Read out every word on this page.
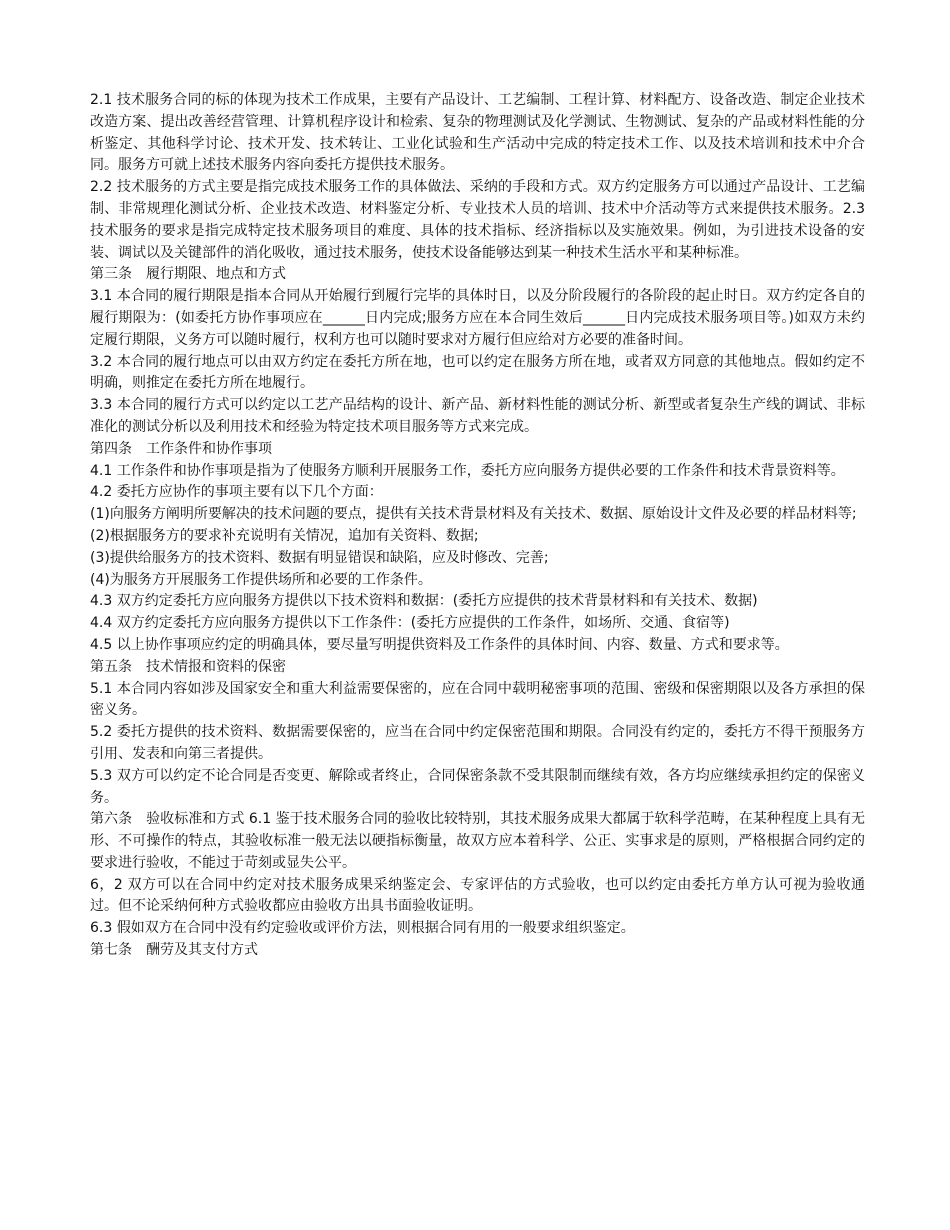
2.1 技术服务合同的标的体现为技术工作成果，主要有产品设计、工艺编制、工程计算、材料配方、设备改造、制定企业技术改造方案、提出改善经营管理、计算机程序设计和检索、复杂的物理测试及化学测试、生物测试、复杂的产品或材料性能的分析鉴定、其他科学讨论、技术开发、技术转让、工业化试验和生产活动中完成的特定技术工作、以及技术培训和技术中介合同。服务方可就上述技术服务内容向委托方提供技术服务。

2.2 技术服务的方式主要是指完成技术服务工作的具体做法、采纳的手段和方式。双方约定服务方可以通过产品设计、工艺编制、非常规理化测试分析、企业技术改造、材料鉴定分析、专业技术人员的培训、技术中介活动等方式来提供技术服务。2.3 技术服务的要求是指完成特定技术服务项目的难度、具体的技术指标、经济指标以及实施效果。例如，为引进技术设备的安装、调试以及关键部件的消化吸收，通过技术服务，使技术设备能够达到某一种技术生活水平和某种标准。

第三条　履行期限、地点和方式

3.1 本合同的履行期限是指本合同从开始履行到履行完毕的具体时日，以及分阶段履行的各阶段的起止时日。双方约定各自的履行期限为：(如委托方协作事项应在______日内完成;服务方应在本合同生效后______日内完成技术服务项目等。)如双方未约定履行期限，义务方可以随时履行，权利方也可以随时要求对方履行但应给对方必要的准备时间。

3.2 本合同的履行地点可以由双方约定在委托方所在地，也可以约定在服务方所在地，或者双方同意的其他地点。假如约定不明确，则推定在委托方所在地履行。

3.3 本合同的履行方式可以约定以工艺产品结构的设计、新产品、新材料性能的测试分析、新型或者复杂生产线的调试、非标准化的测试分析以及利用技术和经验为特定技术项目服务等方式来完成。

第四条　工作条件和协作事项

4.1 工作条件和协作事项是指为了使服务方顺利开展服务工作，委托方应向服务方提供必要的工作条件和技术背景资料等。

4.2 委托方应协作的事项主要有以下几个方面：

(1)向服务方阐明所要解决的技术问题的要点，提供有关技术背景材料及有关技术、数据、原始设计文件及必要的样品材料等;

(2)根据服务方的要求补充说明有关情况，追加有关资料、数据;

(3)提供给服务方的技术资料、数据有明显错误和缺陷，应及时修改、完善;

(4)为服务方开展服务工作提供场所和必要的工作条件。

4.3 双方约定委托方应向服务方提供以下技术资料和数据：(委托方应提供的技术背景材料和有关技术、数据)

4.4 双方约定委托方应向服务方提供以下工作条件：(委托方应提供的工作条件，如场所、交通、食宿等)

4.5 以上协作事项应约定的明确具体，要尽量写明提供资料及工作条件的具体时间、内容、数量、方式和要求等。

第五条　技术情报和资料的保密

5.1 本合同内容如涉及国家安全和重大利益需要保密的，应在合同中载明秘密事项的范围、密级和保密期限以及各方承担的保密义务。

5.2 委托方提供的技术资料、数据需要保密的，应当在合同中约定保密范围和期限。合同没有约定的，委托方不得干预服务方引用、发表和向第三者提供。

5.3 双方可以约定不论合同是否变更、解除或者终止，合同保密条款不受其限制而继续有效，各方均应继续承担约定的保密义务。

第六条　验收标准和方式 6.1 鉴于技术服务合同的验收比较特别，其技术服务成果大都属于软科学范畴，在某种程度上具有无形、不可操作的特点，其验收标准一般无法以硬指标衡量，故双方应本着科学、公正、实事求是的原则，严格根据合同约定的要求进行验收，不能过于苛刻或显失公平。

6，2 双方可以在合同中约定对技术服务成果采纳鉴定会、专家评估的方式验收，也可以约定由委托方单方认可视为验收通过。但不论采纳何种方式验收都应由验收方出具书面验收证明。

6.3 假如双方在合同中没有约定验收或评价方法，则根据合同有用的一般要求组织鉴定。

第七条　酬劳及其支付方式
